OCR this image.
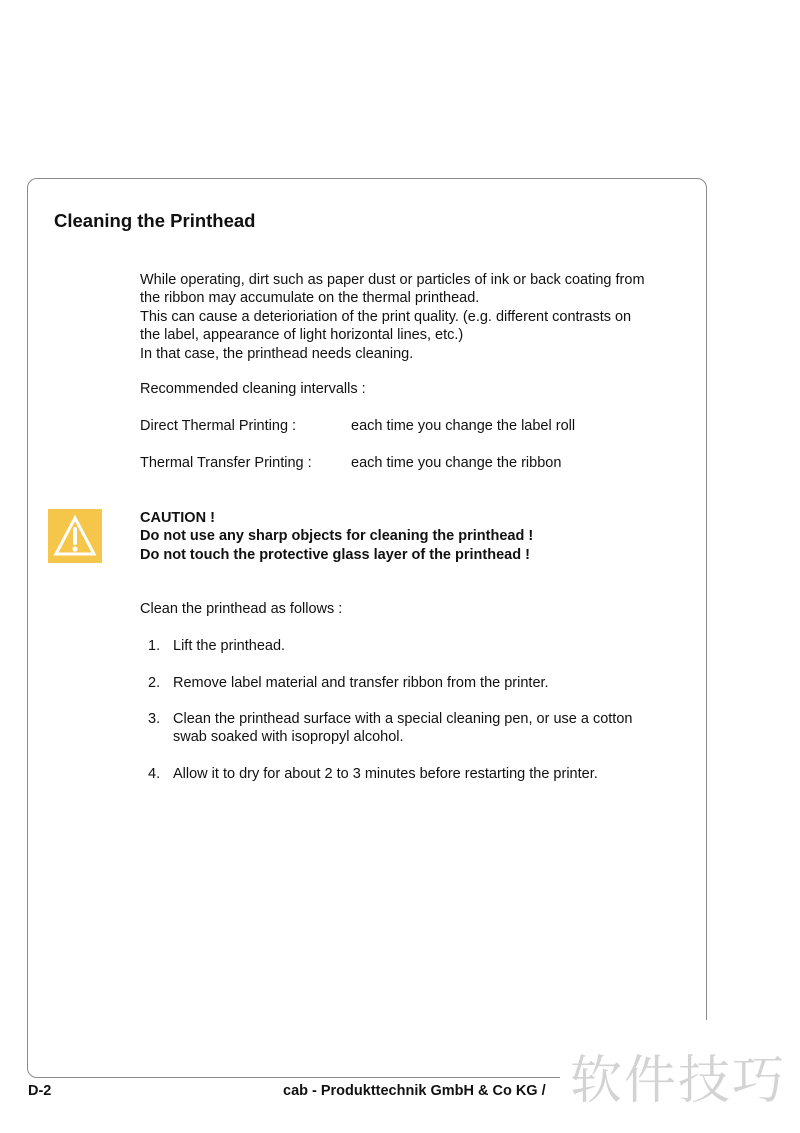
Cleaning the Printhead
While operating, dirt such as paper dust or particles of ink or back coating from
the ribbon may accumulate on the thermal printhead.
This can cause a deterioriation of the print quality. (e.g. different contrasts on
the label, appearance of light horizontal lines, etc.)
In that case, the printhead needs cleaning.
Recommended cleaning intervalls :
Direct Thermal Printing :	each time you change the label roll
Thermal Transfer Printing :	each time you change the ribbon
CAUTION !
Do not use any sharp objects for cleaning the printhead !
Do not touch the protective glass layer of the printhead !
Clean the printhead as follows :
1. Lift the printhead.
2. Remove label material and transfer ribbon from the printer.
3. Clean the printhead surface with a special cleaning pen, or use a cotton
swab soaked with isopropyl alcohol.
4. Allow it to dry for about 2 to 3 minutes before restarting the printer.
D-2	cab - Produkttechnik GmbH & Co KG / 软件技巧
